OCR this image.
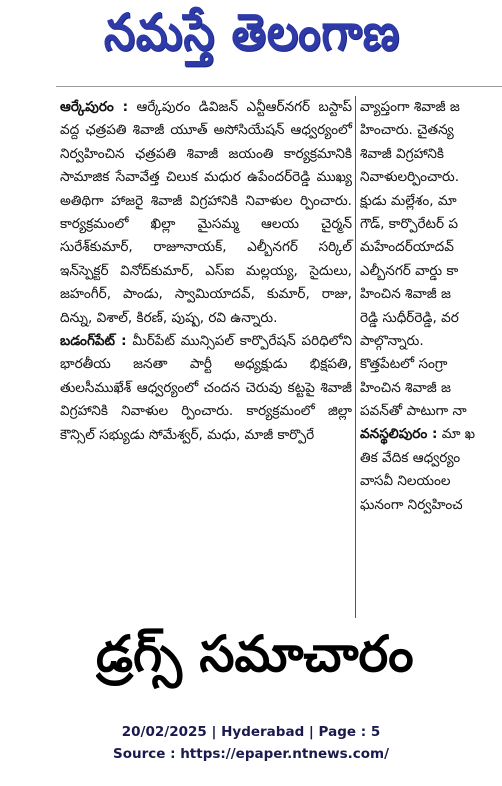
నమస్తే తెలంగాణ

ఆర్కేపురం : ఆర్కేపురం డివిజన్ ఎన్టీఆర్‌నగర్ బస్టాప్ వద్ద ఛత్రపతి శివాజీ యూత్ అసోసియేషన్ ఆధ్వర్యంలో నిర్వహించిన ఛత్రపతి శివాజీ జయంతి కార్యక్రమానికి సామాజిక సేవావేత్త చిలుక మధుర ఉపేందర్‌రెడ్డి ముఖ్య అతిథిగా హాజరై శివాజీ విగ్రహానికి నివాళుల ర్పించారు. కార్యక్రమంలో ఖిల్లా మైసమ్మ ఆలయ చైర్మన్ సురేశ్‌కుమార్, రాజూనాయక్, ఎల్బీనగర్ సర్కిల్ ఇన్‌స్పెక్టర్ వినోద్‌కుమార్, ఎస్‌ఐ మల్లయ్య, సైదులు, జహంగీర్, పాండు, స్వామియాదవ్, కుమార్, రాజు, దిన్ను, విశాల్, కిరణ్, పుష్ప, రవి ఉన్నారు.

బడంగ్‌పేట్ : మీర్‌పేట్ మున్సిపల్ కార్పొరేషన్ పరిధిలోని భారతీయ జనతా పార్టీ అధ్యక్షుడు భిక్షపతి, తులసీముఖేశ్ ఆధ్వర్యంలో చందన చెరువు కట్టపై శివాజీ విగ్రహానికి నివాళుల ర్పించారు. కార్యక్రమంలో జిల్లా కౌన్సిల్ సభ్యుడు సోమేశ్వర్, మధు, మాజీ కార్పొరే

వ్యాప్తంగా శివాజీ జ
హించారు. చైతన్య
శివాజీ విగ్రహానికి
నివాళులర్పించారు.
క్షుడు మల్లేశం, మా
గౌడ్, కార్పొరేటర్ ప
మహేందర్‌యాదవ్
ఎల్బీనగర్ వార్డు కా
హించిన శివాజీ జ
రెడ్డి సుధీర్‌రెడ్డి, వర
పాల్గొన్నారు.
కొత్తపేటలో సంగ్రా
హించిన శివాజీ జ
పవన్‌తో పాటుగా నా
వనస్థలిపురం : మా ఖ
తిక వేదిక ఆధ్వర్యం
వాసవీ నిలయంల
ఘనంగా నిర్వహించ
డ్రగ్స్ సమాచారం
20/02/2025 | Hyderabad | Page : 5
Source : https://epaper.ntnews.com/
